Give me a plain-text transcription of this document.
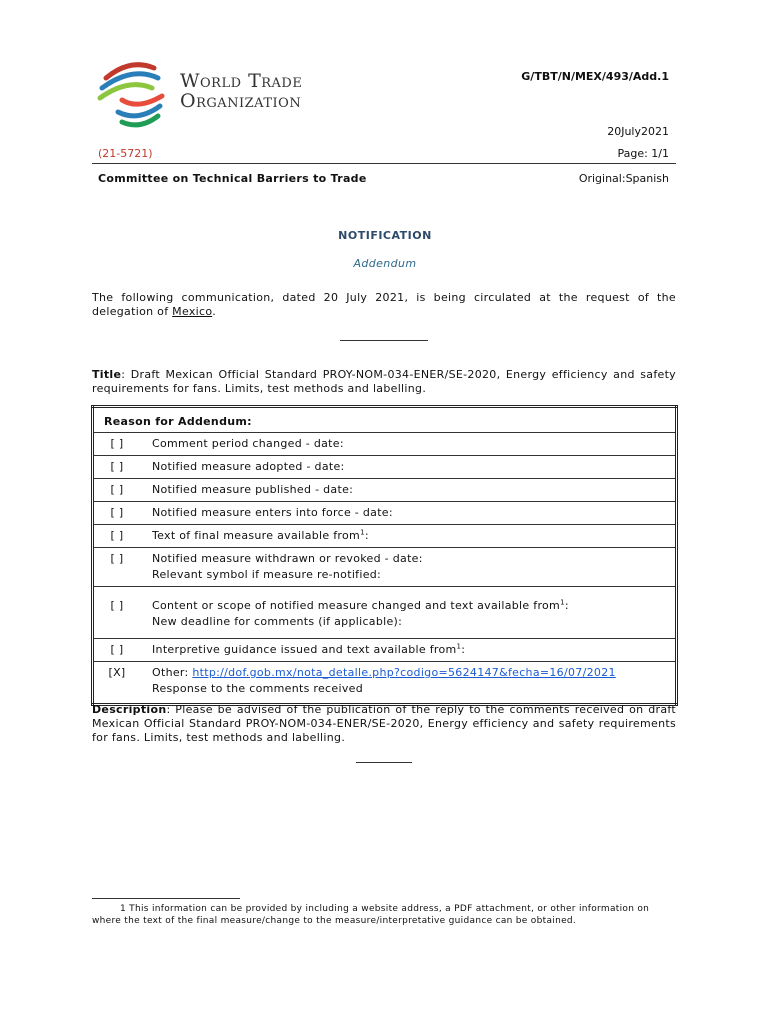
World Trade
Organization
G/TBT/N/MEX/493/Add.1
20July2021
(21-5721)	Page: 1/1
Committee on Technical Barriers to Trade	Original:Spanish
NOTIFICATION
Addendum
The following communication, dated 20 July 2021, is being circulated at the request of the delegation of Mexico.
Title: Draft Mexican Official Standard PROY-NOM-034-ENER/SE-2020, Energy efficiency and safety requirements for fans. Limits, test methods and labelling.
Reason for Addendum:	
[ ]	Comment period changed - date:
[ ]	Notified measure adopted - date:
[ ]	Notified measure published - date:
[ ]	Notified measure enters into force - date:
[ ]	Text of final measure available from$^1$:
[ ]	Notified measure withdrawn or revoked - date:
Relevant symbol if measure re-notified:

[ ]	Content or scope of notified measure changed and text available from$^1$:
New deadline for comments (if applicable):

[ ]	Interpretive guidance issued and text available from$^1$:
[X]	Other: http://dof.gob.mx/nota_detalle.php?codigo=5624147&fecha=16/07/2021
Response to the comments received
Description: Please be advised of the publication of the reply to the comments received on draft Mexican Official Standard PROY-NOM-034-ENER/SE-2020, Energy efficiency and safety requirements for fans. Limits, test methods and labelling.
1 This information can be provided by including a website address, a PDF attachment, or other information on where the text of the final measure/change to the measure/interpretative guidance can be obtained.
